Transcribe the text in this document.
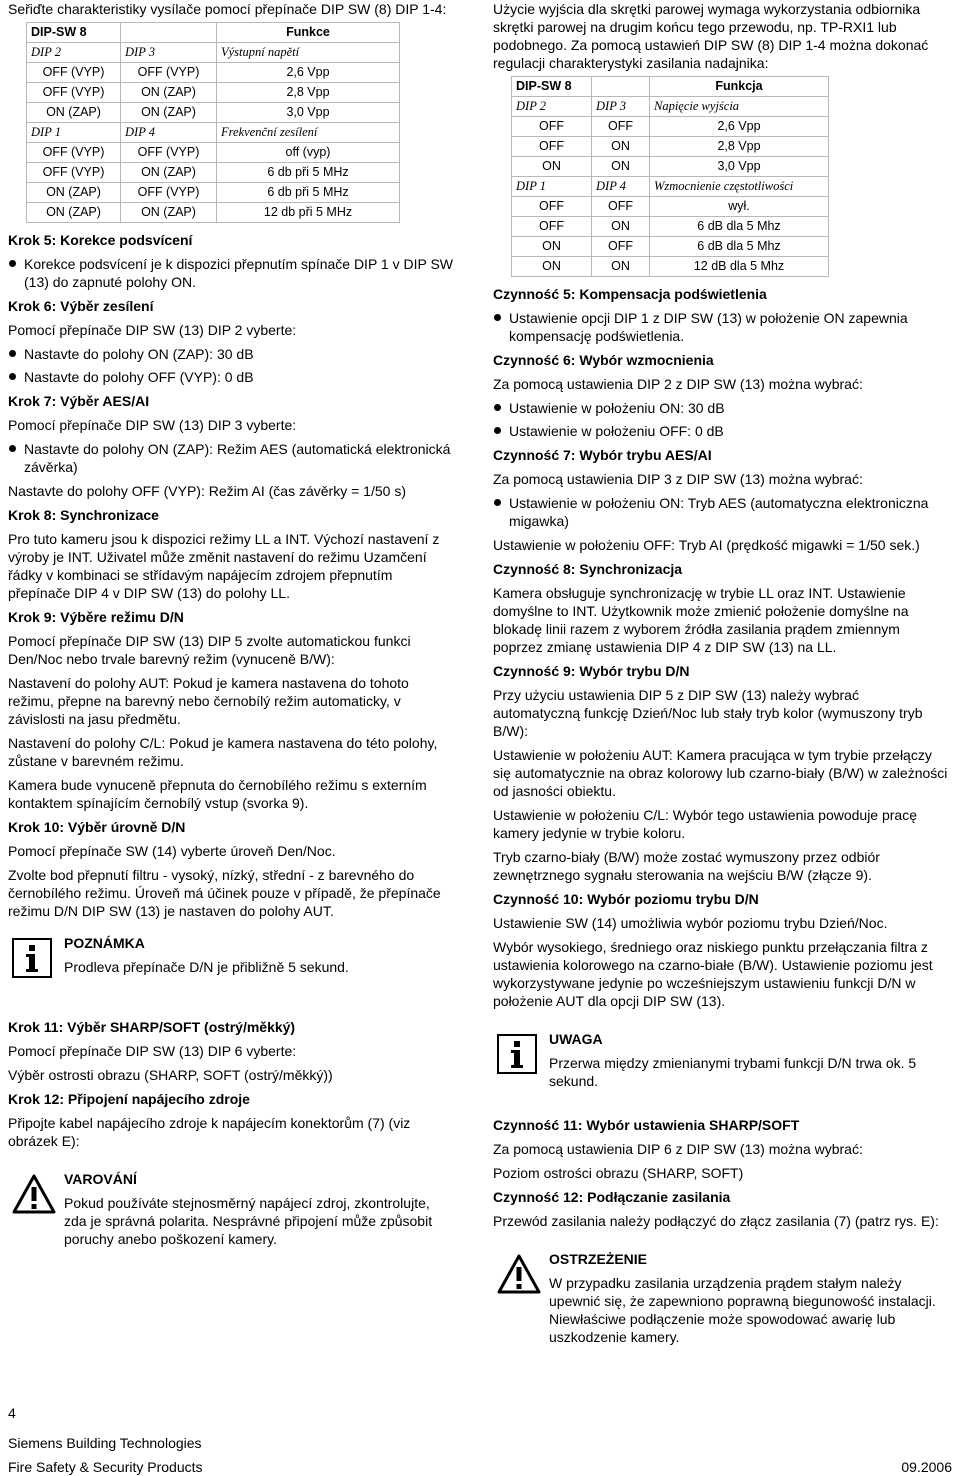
Seřiďte charakteristiky vysílače pomocí přepínače DIP SW (8) DIP 1-4:

DIP-SW 8		Funkce
DIP 2	DIP 3	Výstupní napětí
OFF (VYP)	OFF (VYP)	2,6 Vpp
OFF (VYP)	ON (ZAP)	2,8 Vpp
ON (ZAP)	ON (ZAP)	3,0 Vpp
DIP 1	DIP 4	Frekvenční zesílení
OFF (VYP)	OFF (VYP)	off (vyp)
OFF (VYP)	ON (ZAP)	6 db při 5 MHz
ON (ZAP)	OFF (VYP)	6 db při 5 MHz
ON (ZAP)	ON (ZAP)	12 db při 5 MHz
Krok 5: Korekce podsvícení
Korekce podsvícení je k dispozici přepnutím spínače DIP 1 v DIP SW (13) do zapnuté polohy ON.
Krok 6: Výběr zesílení

Pomocí přepínače DIP SW (13) DIP 2 vyberte:

Nastavte do polohy ON (ZAP): 30 dB
Nastavte do polohy OFF (VYP): 0 dB
Krok 7: Výběr AES/AI

Pomocí přepínače DIP SW (13) DIP 3 vyberte:

Nastavte do polohy ON (ZAP): Režim AES (automatická elektronická závěrka)

Nastavte do polohy OFF (VYP): Režim AI (čas závěrky = 1/50 s)

Krok 8: Synchronizace

Pro tuto kameru jsou k dispozici režimy LL a INT. Výchozí nastavení z výroby je INT. Uživatel může změnit nastavení do režimu Uzamčení řádky v kombinaci se střídavým napájecím zdrojem přepnutím přepínače DIP 4 v DIP SW (13) do polohy LL.

Krok 9: Výběre režimu D/N

Pomocí přepínače DIP SW (13) DIP 5 zvolte automatickou funkci Den/Noc nebo trvale barevný režim (vynuceně B/W):

Nastavení do polohy AUT: Pokud je kamera nastavena do tohoto režimu, přepne na barevný nebo černobílý režim automaticky, v závislosti na jasu předmětu.

Nastavení do polohy C/L: Pokud je kamera nastavena do této polohy, zůstane v barevném režimu.

Kamera bude vynuceně přepnuta do černobílého režimu s externím kontaktem spínajícím černobílý vstup (svorka 9).

Krok 10: Výběr úrovně D/N

Pomocí přepínače SW (14) vyberte úroveň Den/Noc.

Zvolte bod přepnutí filtru - vysoký, nízký, střední - z barevného do černobílého režimu. Úroveň má účinek pouze v případě, že přepínače režimu D/N DIP SW (13) je nastaven do polohy AUT.

POZNÁMKA
Prodleva přepínače D/N je přibližně 5 sekund.
Krok 11: Výběr SHARP/SOFT (ostrý/měkký)

Pomocí přepínače DIP SW (13) DIP 6 vyberte:

Výběr ostrosti obrazu (SHARP, SOFT (ostrý/měkký))

Krok 12: Připojení napájecího zdroje

Připojte kabel napájecího zdroje k napájecím konektorům (7) (viz obrázek E):

VAROVÁNÍ
Pokud používáte stejnosměrný napájecí zdroj, zkontrolujte, zda je správná polarita. Nesprávné připojení může způsobit poruchy anebo poškození kamery.

Użycie wyjścia dla skrętki parowej wymaga wykorzystania odbiornika skrętki parowej na drugim końcu tego przewodu, np. TP-RXI1 lub podobnego. Za pomocą ustawień DIP SW (8) DIP 1-4 można dokonać regulacji charakterystyki zasilania nadajnika:

DIP-SW 8		Funkcja
DIP 2	DIP 3	Napięcie wyjścia
OFF	OFF	2,6 Vpp
OFF	ON	2,8 Vpp
ON	ON	3,0 Vpp
DIP 1	DIP 4	Wzmocnienie częstotliwości
OFF	OFF	wył.
OFF	ON	6 dB dla 5 Mhz
ON	OFF	6 dB dla 5 Mhz
ON	ON	12 dB dla 5 Mhz
Czynność 5: Kompensacja podświetlenia
Ustawienie opcji DIP 1 z DIP SW (13) w położenie ON zapewnia kompensację podświetlenia.
Czynność 6: Wybór wzmocnienia

Za pomocą ustawienia DIP 2 z DIP SW (13) można wybrać:

Ustawienie w położeniu ON: 30 dB
Ustawienie w położeniu OFF: 0 dB
Czynność 7: Wybór trybu AES/AI

Za pomocą ustawienia DIP 3 z DIP SW (13) można wybrać:

Ustawienie w położeniu ON: Tryb AES (automatyczna elektroniczna migawka)

Ustawienie w położeniu OFF: Tryb AI (prędkość migawki = 1/50 sek.)

Czynność 8: Synchronizacja

Kamera obsługuje synchronizację w trybie LL oraz INT. Ustawienie domyślne to INT. Użytkownik może zmienić położenie domyślne na blokadę linii razem z wyborem źródła zasilania prądem zmiennym poprzez zmianę ustawienia DIP 4 z DIP SW (13) na LL.

Czynność 9: Wybór trybu D/N

Przy użyciu ustawienia DIP 5 z DIP SW (13) należy wybrać automatyczną funkcję Dzień/Noc lub stały tryb kolor (wymuszony tryb B/W):

Ustawienie w położeniu AUT: Kamera pracująca w tym trybie przełączy się automatycznie na obraz kolorowy lub czarno-biały (B/W) w zależności od jasności obiektu.

Ustawienie w położeniu C/L: Wybór tego ustawienia powoduje pracę kamery jedynie w trybie koloru.

Tryb czarno-biały (B/W) może zostać wymuszony przez odbiór zewnętrznego sygnału sterowania na wejściu B/W (złącze 9).

Czynność 10: Wybór poziomu trybu D/N

Ustawienie SW (14) umożliwia wybór poziomu trybu Dzień/Noc.

Wybór wysokiego, średniego oraz niskiego punktu przełączania filtra z ustawienia kolorowego na czarno-białe (B/W). Ustawienie poziomu jest wykorzystywane jedynie po wcześniejszym ustawieniu funkcji D/N w położenie AUT dla opcji DIP SW (13).

UWAGA
Przerwa między zmienianymi trybami funkcji D/N trwa ok. 5 sekund.
Czynność 11: Wybór ustawienia SHARP/SOFT

Za pomocą ustawienia DIP 6 z DIP SW (13) można wybrać:

Poziom ostrości obrazu (SHARP, SOFT)

Czynność 12: Podłączanie zasilania

Przewód zasilania należy podłączyć do złącz zasilania (7) (patrz rys. E):

OSTRZEŻENIE
W przypadku zasilania urządzenia prądem stałym należy upewnić się, że zapewniono poprawną biegunowość instalacji. Niewłaściwe podłączenie może spowodować awarię lub uszkodzenie kamery.
4
Siemens Building Technologies
Fire Safety & Security Products	09.2006
